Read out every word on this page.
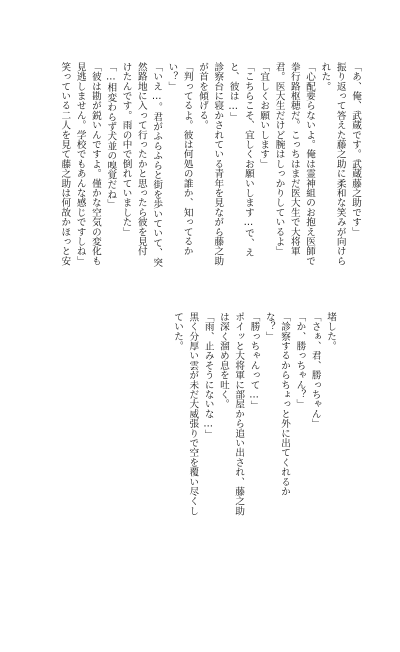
「あ、俺、武蔵です。武蔵藤之助です」
振り返って答えた藤之助に柔和な笑みが向けら
れた。
「心配要らないよ。俺は霊神組のお抱え医師で
拳行路枢穂だ。こっちはまだ医大生で大将軍
君。医大生だけど腕はしっかりしているよ」
「宜しくお願いします」
「こちらこそ、宜しくお願いします…で、え
と、彼は…」
診察台に寝かされている青年を見ながら藤之助
が首を傾げる。
「判ってるよ。彼は何処の誰か、知ってるか
い？」
「いえ…。君がふらふらと街を歩いていて、突
然路地に入って行ったかと思ったら彼を見付
けたんです。雨の中で倒れていました」
「…相変わらず犬並の嗅覚だね」
「彼は勘が鋭いんですよ。僅かな空気の変化も
見逃しません。学校でもあんな感じですしね」
笑っている二人を見て藤之助は何故かほっと安
堵した。
「さぁ、君、勝っちゃん」
「か、勝っちゃん？」
「診察するからちょっと外に出てくれるか
な？」
「勝っちゃんって…」
ポイッと大将軍に部屋から追い出され、藤之助
は深く溜め息を吐く。
「雨、止みそうにないな…」
黒く分厚い雲が未だ大威張りで空を覆い尽くし
ていた。
